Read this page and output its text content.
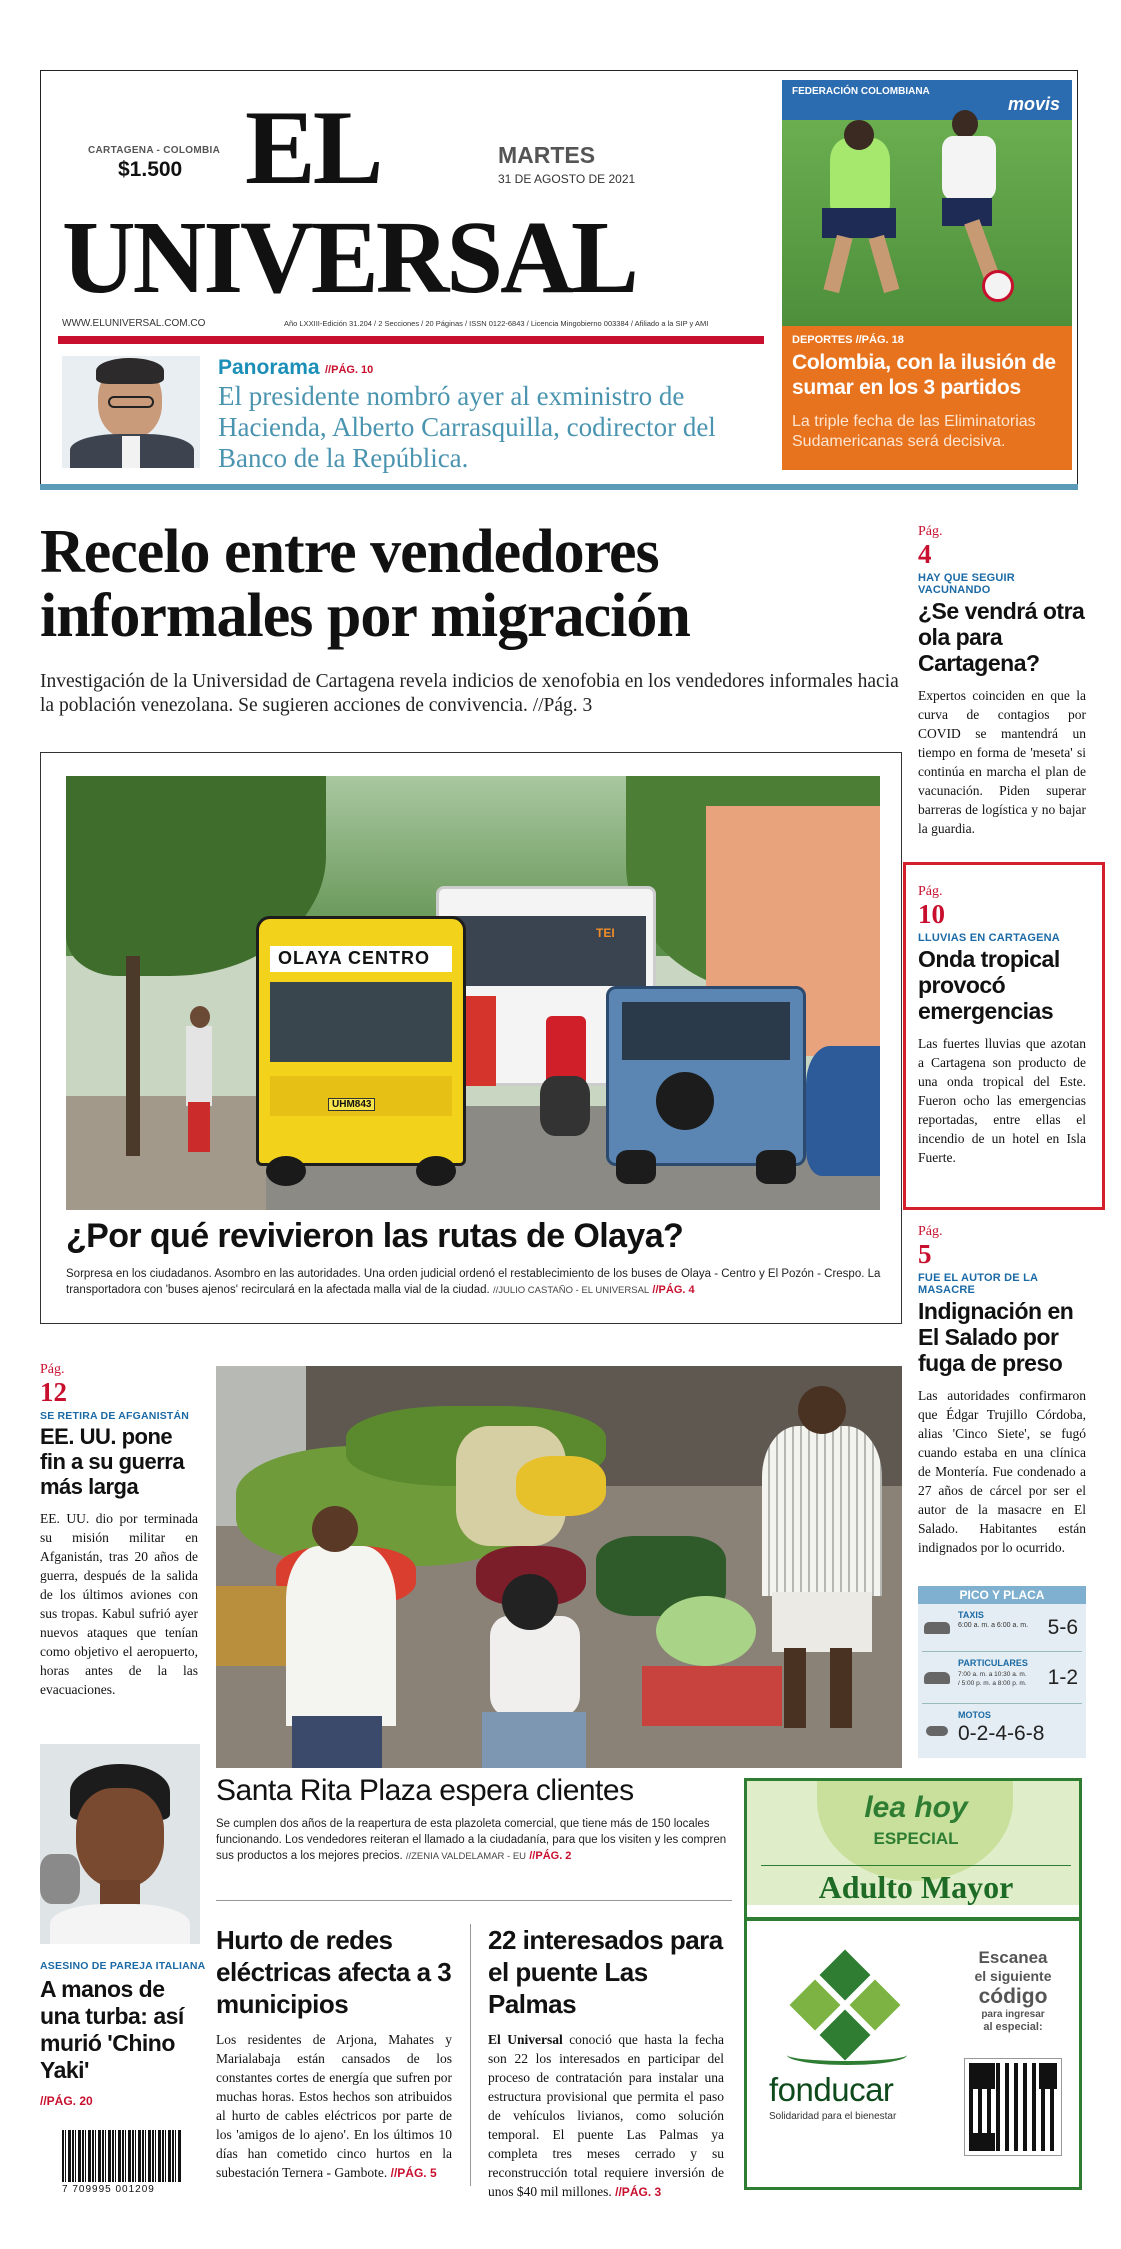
CARTAGENA - COLOMBIA
$1.500 EL
UNIVERSAL
MARTES
31 DE AGOSTO DE 2021
WWW.ELUNIVERSAL.COM.CO	Año LXXIII-Edición 31.204 / 2 Secciones / 20 Páginas / ISSN 0122-6843 / Licencia Mingobierno 003384 / Afiliado a la SIP y AMI
Panorama //PÁG. 10
El presidente nombró ayer al exministro de Hacienda, Alberto Carrasquilla, codirector del Banco de la República.
FEDERACIÓN COLOMBIANA
movis
DEPORTES //PÁG. 18
Colombia, con la ilusión de sumar en los 3 partidos
La triple fecha de las Eliminatorias Sudamericanas será decisiva.
Recelo entre vendedores informales por migración
Investigación de la Universidad de Cartagena revela indicios de xenofobia en los vendedores informales hacia la población venezolana. Se sugieren acciones de convivencia. //Pág. 3
TEI
OLAYA CENTRO
UHM843
¿Por qué revivieron las rutas de Olaya?
Sorpresa en los ciudadanos. Asombro en las autoridades. Una orden judicial ordenó el restablecimiento de los buses de Olaya - Centro y El Pozón - Crespo. La transportadora con 'buses ajenos' recirculará en la afectada malla vial de la ciudad. //JULIO CASTAÑO - EL UNIVERSAL //PÁG. 4
Pág.
4
HAY QUE SEGUIR VACUNANDO
¿Se vendrá otra ola para Cartagena?

Expertos coinciden en que la curva de contagios por COVID se mantendrá un tiempo en forma de 'meseta' si continúa en marcha el plan de vacunación. Piden superar barreras de logística y no bajar la guardia.

Pág.
10
LLUVIAS EN CARTAGENA
Onda tropical provocó emergencias

Las fuertes lluvias que azotan a Cartagena son producto de una onda tropical del Este. Fueron ocho las emergencias reportadas, entre ellas el incendio de un hotel en Isla Fuerte.

Pág.
5
FUE EL AUTOR DE LA MASACRE
Indignación en El Salado por fuga de preso

Las autoridades confirmaron que Édgar Trujillo Córdoba, alias 'Cinco Siete', se fugó cuando estaba en una clínica de Montería. Fue condenado a 27 años de cárcel por ser el autor de la masacre en El Salado. Habitantes están indignados por lo ocurrido.

PICO Y PLACA
TAXIS
6:00 a. m. a 6:00 a. m. 5-6
PARTICULARES
7:00 a. m. a 10:30 a. m. / 5:00 p. m. a 8:00 p. m. 1-2
MOTOS
0-2-4-6-8
Pág.
12
SE RETIRA DE AFGANISTÁN
EE. UU. pone fin a su guerra más larga

EE. UU. dio por terminada su misión militar en Afganistán, tras 20 años de guerra, después de la salida de los últimos aviones con sus tropas. Kabul sufrió ayer nuevos ataques que tenían como objetivo el aeropuerto, horas antes de la las evacuaciones.

Santa Rita Plaza espera clientes
Se cumplen dos años de la reapertura de esta plazoleta comercial, que tiene más de 150 locales funcionando. Los vendedores reiteran el llamado a la ciudadanía, para que los visiten y les compren sus productos a los mejores precios. //ZENIA VALDELAMAR - EU //PÁG. 2
ASESINO DE PAREJA ITALIANA
A manos de una turba: así murió 'Chino Yaki'
//PÁG. 20
7 709995 001209
Hurto de redes eléctricas afecta a 3 municipios

Los residentes de Arjona, Mahates y Marialabaja están cansados de los constantes cortes de energía que sufren por muchas horas. Estos hechos son atribuidos al hurto de cables eléctricos por parte de los 'amigos de lo ajeno'. En los últimos 10 días han cometido cinco hurtos en la subestación Ternera - Gambote. //PÁG. 5

22 interesados para el puente Las Palmas

El Universal conoció que hasta la fecha son 22 los interesados en participar del proceso de contratación para instalar una estructura provisional que permita el paso de vehículos livianos, como solución temporal. El puente Las Palmas ya completa tres meses cerrado y su reconstrucción total requiere inversión de unos $40 mil millones. //PÁG. 3

lea hoy
ESPECIAL
Adulto Mayor
fonducar
Solidaridad para el bienestar
Escanea
el siguiente
código
para ingresar
al especial:
